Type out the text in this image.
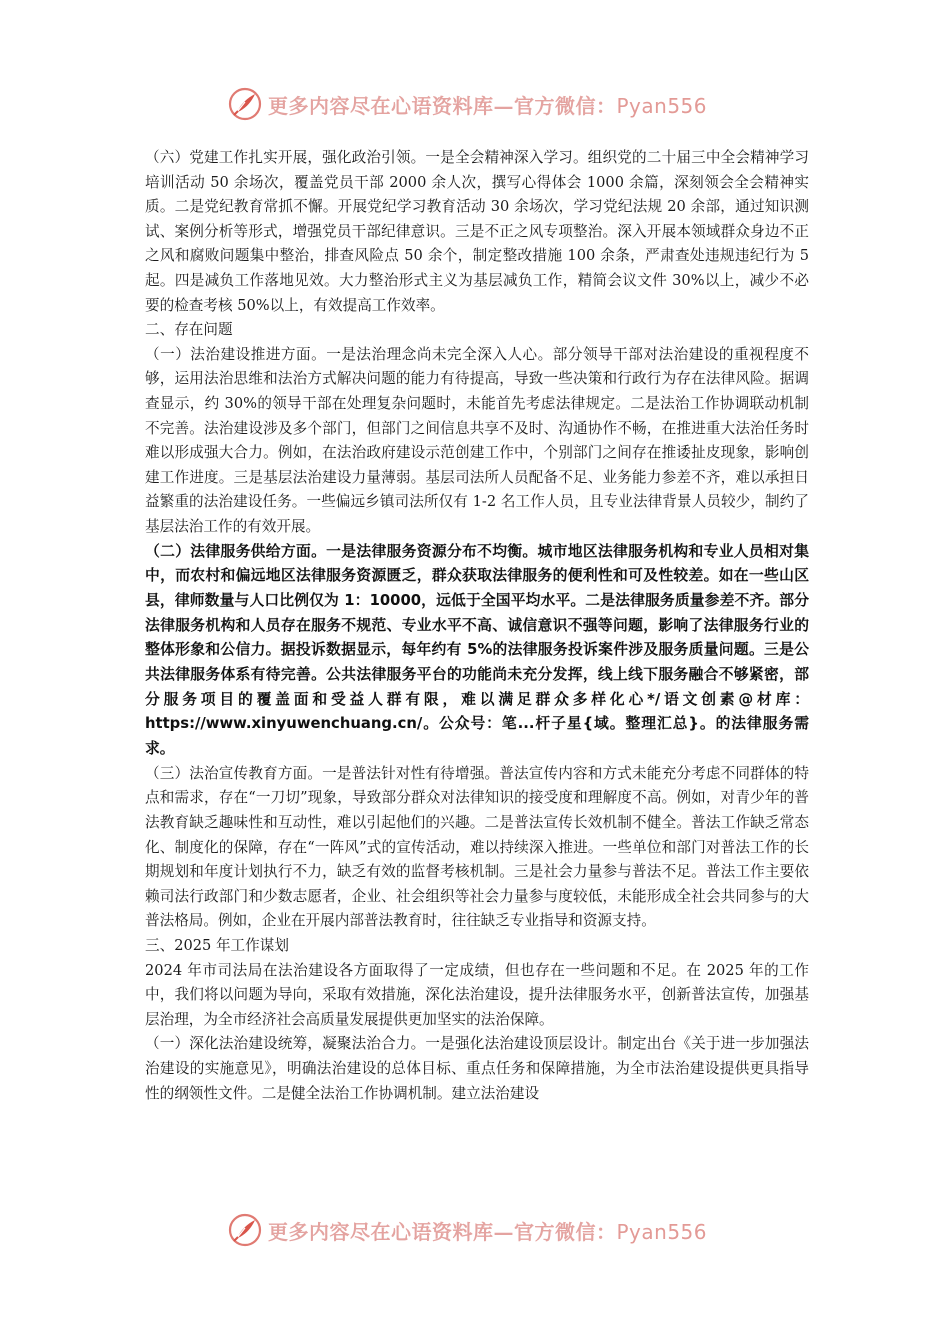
更多内容尽在心语资料库—官方微信：Pyan556

（六）党建工作扎实开展，强化政治引领。一是全会精神深入学习。组织党的二十届三中全会精神学习培训活动 50 余场次，覆盖党员干部 2000 余人次，撰写心得体会 1000 余篇，深刻领会全会精神实质。二是党纪教育常抓不懈。开展党纪学习教育活动 30 余场次，学习党纪法规 20 余部，通过知识测试、案例分析等形式，增强党员干部纪律意识。三是不正之风专项整治。深入开展本领域群众身边不正之风和腐败问题集中整治，排查风险点 50 余个，制定整改措施 100 余条，严肃查处违规违纪行为 5 起。四是减负工作落地见效。大力整治形式主义为基层减负工作，精简会议文件 30%以上，减少不必要的检查考核 50%以上，有效提高工作效率。

二、存在问题

（一）法治建设推进方面。一是法治理念尚未完全深入人心。部分领导干部对法治建设的重视程度不够，运用法治思维和法治方式解决问题的能力有待提高，导致一些决策和行政行为存在法律风险。据调查显示，约 30%的领导干部在处理复杂问题时，未能首先考虑法律规定。二是法治工作协调联动机制不完善。法治建设涉及多个部门，但部门之间信息共享不及时、沟通协作不畅，在推进重大法治任务时难以形成强大合力。例如，在法治政府建设示范创建工作中，个别部门之间存在推诿扯皮现象，影响创建工作进度。三是基层法治建设力量薄弱。基层司法所人员配备不足、业务能力参差不齐，难以承担日益繁重的法治建设任务。一些偏远乡镇司法所仅有 1-2 名工作人员，且专业法律背景人员较少，制约了基层法治工作的有效开展。

（二）法律服务供给方面。一是法律服务资源分布不均衡。城市地区法律服务机构和专业人员相对集中，而农村和偏远地区法律服务资源匮乏，群众获取法律服务的便利性和可及性较差。如在一些山区县，律师数量与人口比例仅为 1：10000，远低于全国平均水平。二是法律服务质量参差不齐。部分法律服务机构和人员存在服务不规范、专业水平不高、诚信意识不强等问题，影响了法律服务行业的整体形象和公信力。据投诉数据显示，每年约有 5%的法律服务投诉案件涉及服务质量问题。三是公共法律服务体系有待完善。公共法律服务平台的功能尚未充分发挥，线上线下服务融合不够紧密，部分服务项目的覆盖面和受益人群有限，难以满足群众多样化心*/语文创素@材库：https://www.xinyuwenchuang.cn/。公众号：笔...杆子星{域。整理汇总}。的法律服务需求。

（三）法治宣传教育方面。一是普法针对性有待增强。普法宣传内容和方式未能充分考虑不同群体的特点和需求，存在“一刀切”现象，导致部分群众对法律知识的接受度和理解度不高。例如，对青少年的普法教育缺乏趣味性和互动性，难以引起他们的兴趣。二是普法宣传长效机制不健全。普法工作缺乏常态化、制度化的保障，存在“一阵风”式的宣传活动，难以持续深入推进。一些单位和部门对普法工作的长期规划和年度计划执行不力，缺乏有效的监督考核机制。三是社会力量参与普法不足。普法工作主要依赖司法行政部门和少数志愿者，企业、社会组织等社会力量参与度较低，未能形成全社会共同参与的大普法格局。例如，企业在开展内部普法教育时，往往缺乏专业指导和资源支持。

三、2025 年工作谋划

2024 年市司法局在法治建设各方面取得了一定成绩，但也存在一些问题和不足。在 2025 年的工作中，我们将以问题为导向，采取有效措施，深化法治建设，提升法律服务水平，创新普法宣传，加强基层治理，为全市经济社会高质量发展提供更加坚实的法治保障。

（一）深化法治建设统筹，凝聚法治合力。一是强化法治建设顶层设计。制定出台《关于进一步加强法治建设的实施意见》，明确法治建设的总体目标、重点任务和保障措施，为全市法治建设提供更具指导性的纲领性文件。二是健全法治工作协调机制。建立法治建设

更多内容尽在心语资料库—官方微信：Pyan556
